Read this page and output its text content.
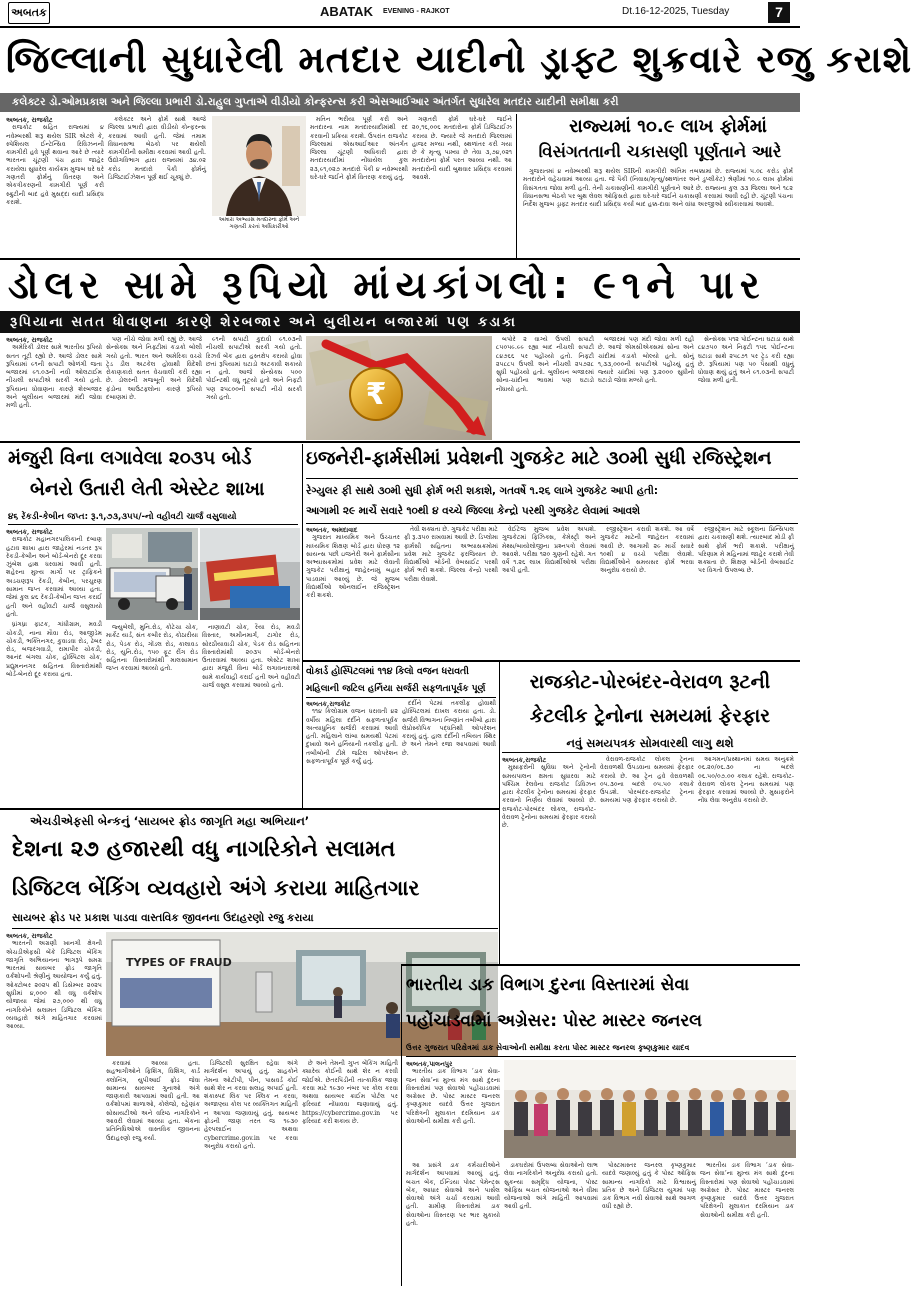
અબતક	ABATAK EVENING - RAJKOT	Dt.16-12-2025, Tuesday	7
જિલ્લાની સુધારેલી મતદાર યાદીનો ડ્રાફ્ટ શુક્રવારે રજુ કરાશે
કલેક્ટર ડો.ઓમપ્રકાશ અને જિલ્લા પ્રભારી ડો.રાહુલ ગુપ્તાએ વીડીયો કોન્ફરન્સ કરી એસઆઈઆર અંતર્ગત સુધારેલ મતદાર યાદીની સમીક્ષા કરી
અબતક, રાજકોટ

રાજકોટ સહિત રાજ્યમાં ૪ નવેમ્બરથી શરૂ થયેલ SIR એટલે કે, સ્પેશિયલ ઈન્ટેન્સિવ રિવિઝનની કામગીરી હવે પૂર્ણ થવાના આરે છે ત્યારે ભારતના ચૂંટણી પંચ દ્વારા જાહેર કરાયેલા સુધારેલ કાર્યક્રમ મુજબ ઘરે ઘરે ગણતરી ફોર્મનું વિતરણ અને એકત્રીકરણની કામગીરી પૂર્ણ કરી સ્ક્રુટીની બાદ હવે મુસદ્દા યાદી પ્રસિદ્ધ કરાશે.

કલેક્ટર અને ફોર્મ સાથે આજે જિલ્લા પ્રભારી દ્વારા વીડીયો કોન્ફરન્સ કરવામાં આવી હતી. જેમાં તમામ વિધાનસભા બેઠકો પર થયેલી કામગીરીની સમીક્ષા કરવામાં આવી હતી. ઉદ્યોગવિભાગ દ્વારા રાજ્યમાં ૩૪.૦૨ કરોડ મતદારો પૈકી ફોર્મનું ડિજિટાઈઝેશન પૂર્ણ થઈ ચૂક્યું છે.

અમારા અભ્યાસ મતદારના ફોર્મ અને ગણતરી કરતાં અધિકારીઓ

મતિન ભરીયા પૂર્ણ કરી અને મતદારના નામ મતદારયાદીમાંથી રદ કરવાની પ્રક્રિયા કરાશે. ઉપરાંત રાજકોટ જિલ્લામાં એસઆઈઆર અંતર્ગત જિલ્લા ચૂંટણી અધિકારી દ્વારા મતદારયાદીમાં નોંધાયેલ કુલ ૨૩,૯૧,૦૨૭ મતદારો પૈકી ૪ નવેમ્બરથી ઘરે-ઘરે જઈને ફોર્મ વિતરણ કરાયું હતું.

ગણતરી ફોર્મ ઘરે-ઘરે જઈને ૨૦,૧૬,૦૦૬ મતદારોના ફોર્મ ડિજિટાઈઝ કરાયા છે. જ્યારે જે મતદારો જિલ્લામાં હાજર મળ્યા નથી, સ્થળાંતર કરી ગયા છે કે મૃત્યુ પામ્યા છે તેવા ૩,૭૪,૦૨૧ મતદારોના ફોર્મ પરત આવ્યા નથી. આ મતદારોની યાદી બુથવાર પ્રસિદ્ધ કરવામાં આવશે.

રાજ્યમાં ૧૦.૯ લાખ ફોર્મમાં
વિસંગતતાની ચકાસણી પૂર્ણતાને આરે

ગુજરાતમાં ૪ નવેમ્બરથી શરૂ થયેલ SIRની કામગીરી અંતિમ તબક્કામાં છે. રાજ્યમાં ૫.૦૮ કરોડ ફોર્મ મતદારોને વહેંચવામાં આવ્યા હતા. જે પૈકી (નિવાસ/મૃત્યુ/સ્થળાંતર અને ડુપ્લીકેટ) શ્રેણીમાં ૧૦.૯ લાખ ફોર્મમાં વિસંગતતા જોવા મળી હતી. તેની ચકાસણીની કામગીરી પૂર્ણતાને આરે છે. રાજ્યના કુલ ૩૩ જિલ્લા અને ૧૮૨ વિધાનસભા બેઠકો પર બુથ લેવલ ઓફિસરો દ્વારા ઘરે-ઘરે જઈને ચકાસણી કરવામાં આવી રહી છે. ચૂંટણી પંચના નિર્દેશ મુજબ ડ્રાફ્ટ મતદાર યાદી પ્રસિદ્ધ કર્યા બાદ હક્ક-દાવા અને વાંધા અરજીઓ સ્વીકારવામાં આવશે.

ડોલર સામે રૂપિયો માંયકાંગલો: ૯૧ને પાર
રૂપિયાના સતત ધોવાણના કારણે શેરબજાર અને બુલીયન બજારમાં પણ કડાકા
અબતક, રાજકોટ

અમેરિકી ડોલર સામે ભારતીય રૂપિયો સતત તૂટી રહ્યો છે. આજે ડોલર સામે રૂપિયામાં ૯૧ની સપાટી ઓળંગી જતા બજારમાં ૯૧.૦૩ની નવી ઓલટાઈમ નીચલી સપાટીએ સરકી ગયો હતો. રૂપિયાના ધોવાણના કારણે શેરબજાર અને બુલીયન બજારમાં મંદી જોવા મળી હતી.

પણ નીચે જોવા મળી રહ્યું છે. આજે સેન્સેક્સ અને નિફ્ટીમાં કડાકો બોલી ગયો હતો. ભારત અને અમેરિકા વચ્ચે ટ્રેડ ડીલ અટકેલ હોવાથી વિદેશી રોકાણકારો સતત વેચવાલી કરી રહ્યા છે. ડોલરની મજબૂતી અને વિદેશી ફંડોના આઉટફ્લોના કારણે રૂપિયો દબાણમાં છે.

૯૧ની સપાટી કુદાવી ૯૧.૦૩ની નીચલી સપાટીએ સરકી ગયો હતો. રિઝર્વ બેંક દ્વારા હસ્તક્ષેપ કરાયો હોવા છતાં રૂપિયામાં ઘટાડો અટકાવી શકાયો ન હતો. આજે સેન્સેક્સ ૫૦૦ પોઈન્ટથી વધુ તૂટ્યો હતો અને નિફ્ટી પણ ૨૫૮૦૦ની સપાટી નીચે સરકી ગયો હતો.	₹

બપોરે ૨ વાગ્યે ઉપલી સપાટી ૮૫૦૫૯.૯૯ રહ્યા બાદ નીચલી સપાટી ૮૪૭૬૬ પર પહોંચ્યો હતો. નિફ્ટી ૨૫૮૮૫ ઉપલી અને નીચલી ૨૫૭૨૮ સુધી પહોંચ્યો હતો. બુલીયન બજારમાં સોના-ચાંદીના ભાવમાં પણ ઘટાડો નોંધાયો હતો.

બજારમાં પણ મંદી જોવા મળી રહી છે. આજે એમસીએક્સમાં સોના અને ચાંદીમાં કડાકો બોલ્યો હતો. સોનું ૧,૩૩,૦૦૦ની સપાટીએ પહોંચ્યું હતું જ્યારે ચાંદીમાં પણ રૂ.૨૦૦૦ સુધીનો ઘટાડો જોવા મળ્યો હતો.

સેન્સેક્સ ૫૧૨ પોઈન્ટના ઘટાડા સાથે ૮૪૭૫૦ અને નિફ્ટી ૧૫૬ પોઈન્ટના ઘટાડા સાથે ૨૫૮૭૧ પર ટ્રેડ કરી રહ્યા છે. રૂપિયામાં પણ ૫૦ પૈસાથી વધુનું ધોવાણ થયું હતું અને ૯૧.૦૩ની સપાટી જોવા મળી હતી.

મંજુરી વિના લગાવેલા ૨૦૩૫ બોર્ડ
બેનરો ઉતારી લેતી એસ્ટેટ શાખા
૪૬ રેંકડી-કેબીન જપ્ત: રૂ.૧,૭૩,૩૫૫/-નો વહીવટી ચાર્જ વસુલાયો
અબતક, રાજકોટ

રાજકોટ મહાનગરપાલિકાની દબાણ હટાવ શાખા દ્વારા જાહેરમાં નડતર રૂપ રેંકડી-કેબીન અને બોર્ડ-બેનરો દૂર કરવા ઝુંબેશ હાથ ધરવામાં આવી હતી. શહેરના મુખ્ય માર્ગો પર ટ્રાફિકને અડચણરૂપ રેંકડી, કેબીન, પરચુરણ સામાન જપ્ત કરવામાં આવ્યા હતા. જેમાં કુલ ૪૬ રેંકડી-કેબીન જપ્ત કરાઈ હતી અને વહીવટી ચાર્જ વસુલાયો હતો.

ધ્રાંગધ્રા ફાટક, ગાંધીગ્રામ, મવડી ચોકડી, નાના મૌવા રોડ, આજીડેમ ચોકડી, ભક્તિનગર, કુવાડવા રોડ, ઢેબર રોડ, બજરંગવાડી, રામાપીર ચોકડી, આનંદ બંગલા ચોક, હોસ્પિટલ ચોક, પ્રદ્યુમનનગર સહિતના વિસ્તારોમાંથી બોર્ડ-બેનરો દૂર કરાયા હતા.

જ્યુબેલી, મુનિ.રોડ, કોટેચા ચોક, માર્કેટ યાર્ડ, સંત કબીર રોડ, કોઠારીયા રોડ, પેડક રોડ, ગોંડલ રોડ, કાલાવડ રોડ, યુનિ.રોડ, ૧૫૦ ફૂટ રીંગ રોડ સહિતના વિસ્તારોમાંથી માલસામાન જપ્ત કરવામાં આવ્યો હતો.

નાણાવટી ચોક, રૈયા રોડ, મવડી વિસ્તાર, અમીનમાર્ગ, ટાગોર રોડ, સોરઠીયાવાડી ચોક, પેડક રોડ સહિતના વિસ્તારોમાંથી ૨૦૩૫ બોર્ડ-બેનરો ઉતારવામાં આવ્યા હતા. એસ્ટેટ શાખા દ્વારા મંજુરી વિના બોર્ડ લગાવનારાઓ સામે કાર્યવાહી કરાઈ હતી અને વહીવટી ચાર્જ વસુલ કરવામાં આવ્યો હતો.

ઇજનેરી-ફાર્મસીમાં પ્રવેશની ગુજકેટ માટે ૩૦મી સુધી રજિસ્ટ્રેશન
રેગ્યુલર ફી સાથે ૩૦મી સુધી ફોર્મ ભરી શકાશે, ગતવર્ષે ૧.૨૬ લાખે ગુજકેટ આપી હતી:
આગામી ૨૯ માર્ચે સવારે ૧૦થી ૪ વચ્ચે જિલ્લા કેન્દ્રો પરથી ગુજકેટ લેવામાં આવશે
અબતક, અમદાવાદ

ગુજરાત માધ્યમિક અને ઉચ્ચતર માધ્યમિક શિક્ષણ બોર્ડ દ્વારા ધોરણ ૧૨ સાયન્સ પછી ઇજનેરી અને ફાર્મસીના અભ્યાસક્રમોમાં પ્રવેશ માટે લેવાતી ગુજકેટ પરીક્ષાનું જાહેરનામું બહાર પાડવામાં આવ્યું છે. જે મુજબ વિદ્યાર્થીઓ ઓનલાઈન રજિસ્ટ્રેશન કરી શકશે.

તેવી શક્યતા છે. ગુજકેટ પરીક્ષા માટે ફી રૂ.૩૫૦ રાખવામાં આવી છે. ડિપ્લોમા ફાર્મસી સહિતના અભ્યાસક્રમોમાં પ્રવેશ માટે ગુજકેટ ફરજિયાત છે. વિદ્યાર્થીઓ બોર્ડની વેબસાઈટ પરથી ફોર્મ ભરી શકશે. જિલ્લા કેન્દ્રો પરથી પરીક્ષા લેવાશે.

વેઈટેજ મુજબ પ્રવેશ અપાશે. ગુજકેટમાં ફિઝિક્સ, કેમેસ્ટ્રી અને મેથ્સ/બાયોલોજીના પ્રશ્નપત્રો લેવામાં આવશે. પરીક્ષા ૧૨૦ ગુણની રહેશે. ગત વર્ષે ૧.૨૬ લાખ વિદ્યાર્થીઓએ પરીક્ષા આપી હતી.

રજીસ્ટ્રેશન કરાવી શકશે. આ વર્ષે ગુજકેટ માટેની જાહેરાત કરવામાં આવી છે. આગામી ૨૯ માર્ચે સવારે ૧૦થી ૪ વચ્ચે પરીક્ષા લેવાશે. વિદ્યાર્થીઓને સમયસર ફોર્મ ભરવા અનુરોધ કરાયો છે.

રજીસ્ટ્રેશન માટે સ્કૂલના પ્રિન્સિપાલ દ્વારા ચકાસણી થશે. ત્યારબાદ મોડી ફી સાથે ફોર્મ ભરી શકાશે. પરીક્ષાનું પરિણામ મે મહિનામાં જાહેર કરાશે તેવી શક્યતા છે. શિક્ષણ બોર્ડની વેબસાઈટ પર વિગતો ઉપલબ્ધ છે.

વોકાર્ડ હોસ્પિટલમાં ૧૧૪ કિલો વજન ધરાવતી
મહિલાની જટિલ હર્નિયા સર્જરી સફળતાપૂર્વક પૂર્ણ
અબતક,રાજકોટ

૧૧૪ કિલોગ્રામ વજન ધરાવતી ૪૨ વર્ષીય મહિલા દર્દીને સફળતાપૂર્વક અત્યાધુનિક સર્જરી કરવામાં આવી હતી. મહિલાને લાંબા સમયથી પેટમાં દુખાવો અને હર્નિયાની તકલીફ હતી. તબીબોની ટીમે જટિલ ઓપરેશન સફળતાપૂર્વક પૂર્ણ કર્યું હતું.

દર્દીને પેટમાં તકલીફ હોવાથી હોસ્પિટલમાં દાખલ કરાયા હતા. ડો. સર્જરી વિભાગના નિષ્ણાંત તબીબો દ્વારા લેપ્રોસ્કોપિક પદ્ધતિથી ઓપરેશન કરાયું હતું. હાલ દર્દીની તબિયત સ્થિર છે અને તેમને રજા આપવામાં આવી છે.

રાજકોટ-પોરબંદર-વેરાવળ રૂટની
કેટલીક ટ્રેનોના સમયમાં ફેરફાર
નવું સમયપત્રક સોમવારથી લાગુ થશે
અબતક,રાજકોટ

મુસાફરોની સુવિધા અને ટ્રેનોની સમયપાલન ક્ષમતા સુધારવા માટે પશ્ચિમ રેલવેના રાજકોટ ડિવિઝન દ્વારા કેટલીક ટ્રેનોના સમયમાં ફેરફાર કરવાનો નિર્ણય લેવામાં આવ્યો છે. રાજકોટ-પોરબંદર લોકલ, રાજકોટ-વેરાવળ ટ્રેનોના સમયમાં ફેરફાર કરાયો છે.

વેરાવળ-રાજકોટ લોકલ ટ્રેનના વેરાવળથી ઉપડવાના સમયમાં ફેરફાર કરાયો છે. આ ટ્રેન હવે વેરાવળથી ૦૫.૩૦ના બદલે ૦૫.૫૦ કલાકે ઉપડશે. પોરબંદર-રાજકોટ ટ્રેનના સમયમાં પણ ફેરફાર કરાયો છે.

આગમન/પ્રસ્થાનમાં સમય અનુક્રમે ૦૬.૨૦/૦૬.૩૦ ના બદલે ૦૬.૫૦/૦૭.૦૦ કલાક રહેશે. રાજકોટ-વેરાવળ લોકલ ટ્રેનના સમયમાં પણ ફેરફાર કરવામાં આવ્યો છે. મુસાફરોને નોંધ લેવા અનુરોધ કરાયો છે.

એચડીએફસી બેન્કનું ‘સાયબર ફ્રોડ જાગૃતિ મહા અભિયાન’
દેશના ૨૭ હજારથી વધુ નાગરિકોને સલામત
ડિજિટલ બેંકિંગ વ્યવહારો અંગે કરાયા માહિતગાર
સાયબર ફ્રોડ પર પ્રકાશ પાડવા વાસ્તવિક જીવનના ઉદાહરણો રજુ કરાયા
અબતક, રાજકોટ

ભારતની અગ્રણી ખાનગી ક્ષેત્રની એચડીએફસી બેંકે ડિજિટલ બેંકિંગ જાગૃતિ અભિયાનના ભાગરૂપે સમગ્ર ભારતમાં સાયબર ફ્રોડ જાગૃતિ વર્કશોપની શ્રેણીનું આયોજન કર્યું હતું. ઓક્ટોબર ૨૦૨૫ થી ડિસેમ્બર ૨૦૨૫ સુધીમાં ૪,૦૦૦ થી વધુ વર્કશોપ યોજાયા જેમાં ૨૭,૦૦૦ થી વધુ નાગરિકોને સલામત ડિજિટલ બેંકિંગ વ્યવહારો અંગે માહિતગાર કરવામાં આવ્યા.

TYPES OF FRAUD

કરવામાં આવ્યા હતા. સહભાગીઓને ફિશિંગ, વિશિંગ, કાર્ડ ક્લોનિંગ, યુપીઆઈ ફ્રોડ જેવા સામાન્ય સાયબર ગુનાઓ અંગે જાણકારી આપવામાં આવી હતી. આ વર્કશોપમાં શાળાઓ, કોલેજો, રહેણાંક સોસાયટીઓ અને વરિષ્ઠ નાગરિકોને આવરી લેવામાં આવ્યા હતા. બેંકના પ્રતિનિધિઓએ વાસ્તવિક જીવનના ઉદાહરણો રજુ કર્યા.

ડિજિટલી સુરક્ષિત રહેવા અંગે માર્ગદર્શન અપાયું હતું. ગ્રાહકોને તેમના ઓટીપી, પીન, પાસવર્ડ કોઈ સાથે શેર ન કરવા સલાહ અપાઈ હતી. શંકાસ્પદ લિંક પર ક્લિક ન કરવા, અજાણ્યા કોલ પર વ્યક્તિગત માહિતી ન આપવા જણાવાયું હતું. સાયબર ફ્રોડની જાણ તરત જ ૧૯૩૦ હેલ્પલાઈન અથવા cybercrime.gov.in પર કરવા અનુરોધ કરાયો હતો.

છે અને તેમની ગુપ્ત બેંકિંગ માહિતી ક્યારેય કોઈની સાથે શેર ન કરવી જોઈએ. છેતરપિંડીની તાત્કાલિક જાણ કરવા માટે ૧૯૩૦ નંબર પર કોલ કરવા અથવા સાયબર ક્રાઈમ પોર્ટલ પર ફરિયાદ નોંધાવવા જણાવાયું હતું. https://cybercrime.gov.in પર ફરિયાદ કરી શકાય છે.

ભારતીય ડાક વિભાગ દુરના વિસ્તારમાં સેવા
પહોંચાડવામાં અગ્રેસર: પોસ્ટ માસ્ટર જનરલ
ઉત્તર ગુજરાત પરિક્ષેત્રમાં ડાક સેવાઓની સમીક્ષા કરતા પોસ્ટ માસ્ટર જનરલ કૃષ્ણકુમાર યાદવ
અબતક,પાલનપુર

ભારતીય ડાક વિભાગ ‘ડાક સેવા-જન સેવા’ના મુખ્ય મંત્ર સાથે દુરના વિસ્તારોમાં પણ સેવાઓ પહોંચાડવામાં અગ્રેસર છે. પોસ્ટ માસ્ટર જનરલ કૃષ્ણકુમાર યાદવે ઉત્તર ગુજરાત પરિક્ષેત્રની મુલાકાત દરમિયાન ડાક સેવાઓની સમીક્ષા કરી હતી.

આ પ્રસંગે ડાક કર્મચારીઓને માર્ગદર્શન આપવામાં આવ્યું હતું. બચત બેંક, ઈન્ડિયા પોસ્ટ પેમેન્ટ્સ બેંક, આધાર સેવાઓ અને પાર્સલ સેવાઓ અંગે ચર્ચા કરવામાં આવી હતી. ગ્રામીણ વિસ્તારોમાં ડાક સેવાઓના વિસ્તરણ પર ભાર મુકાયો હતો.

ડાકઘરોમાં ઉપલબ્ધ સેવાઓનો લાભ લેવા નાગરિકોને અનુરોધ કરાયો હતો. સુકન્યા સમૃદ્ધિ યોજના, પોસ્ટ ઓફિસ બચત યોજનાઓ અને વીમા યોજનાઓ અંગે માહિતી આપવામાં આવી હતી.

પોસ્ટમાસ્તર જનરલ કૃષ્ણકુમાર યાદવે જણાવ્યું હતું કે પોસ્ટ ઓફિસ સામાન્ય નાગરિકો માટે વિશ્વાસનું પ્રતિક છે અને ડિજિટલ યુગમાં પણ ડાક વિભાગ નવી સેવાઓ સાથે આગળ વધી રહ્યો છે.

ભારતીય ડાક વિભાગ ‘ડાક સેવા-જન સેવા’ના મુખ્ય મંત્ર સાથે દુરના વિસ્તારોમાં પણ સેવાઓ પહોંચાડવામાં અગ્રેસર છે. પોસ્ટ માસ્ટર જનરલ કૃષ્ણકુમાર યાદવે ઉત્તર ગુજરાત પરિક્ષેત્રની મુલાકાત દરમિયાન ડાક સેવાઓની સમીક્ષા કરી હતી.
